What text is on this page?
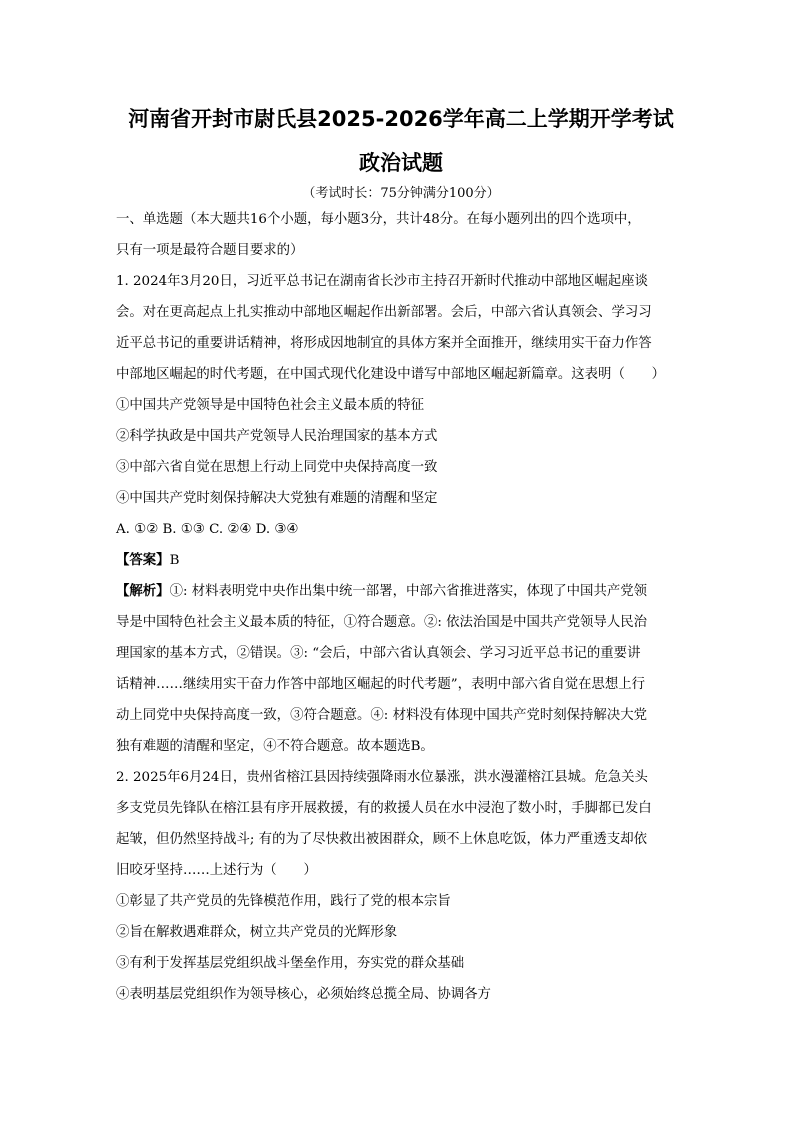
河南省开封市尉氏县2025-2026学年高二上学期开学考试
政治试题
（考试时长：75分钟满分100分）

一、单选题（本大题共16个小题，每小题3分，共计48分。在每小题列出的四个选项中，

只有一项是最符合题目要求的）

1. 2024年3月20日，习近平总书记在湖南省长沙市主持召开新时代推动中部地区崛起座谈

会。对在更高起点上扎实推动中部地区崛起作出新部署。会后，中部六省认真领会、学习习

近平总书记的重要讲话精神，将形成因地制宜的具体方案并全面推开，继续用实干奋力作答

中部地区崛起的时代考题，在中国式现代化建设中谱写中部地区崛起新篇章。这表明（　　）

①中国共产党领导是中国特色社会主义最本质的特征

②科学执政是中国共产党领导人民治理国家的基本方式

③中部六省自觉在思想上行动上同党中央保持高度一致

④中国共产党时刻保持解决大党独有难题的清醒和坚定

A. ①② B. ①③ C. ②④ D. ③④

【答案】B

【解析】①: 材料表明党中央作出集中统一部署，中部六省推进落实，体现了中国共产党领

导是中国特色社会主义最本质的特征，①符合题意。②: 依法治国是中国共产党领导人民治

理国家的基本方式，②错误。③: “会后，中部六省认真领会、学习习近平总书记的重要讲

话精神……继续用实干奋力作答中部地区崛起的时代考题”，表明中部六省自觉在思想上行

动上同党中央保持高度一致，③符合题意。④: 材料没有体现中国共产党时刻保持解决大党

独有难题的清醒和坚定，④不符合题意。故本题选B。

2. 2025年6月24日，贵州省榕江县因持续强降雨水位暴涨，洪水漫灌榕江县城。危急关头

多支党员先锋队在榕江县有序开展救援，有的救援人员在水中浸泡了数小时，手脚都已发白

起皱，但仍然坚持战斗; 有的为了尽快救出被困群众，顾不上休息吃饭，体力严重透支却依

旧咬牙坚持……上述行为（　　）

①彰显了共产党员的先锋模范作用，践行了党的根本宗旨

②旨在解救遇难群众，树立共产党员的光辉形象

③有利于发挥基层党组织战斗堡垒作用，夯实党的群众基础

④表明基层党组织作为领导核心，必须始终总揽全局、协调各方
